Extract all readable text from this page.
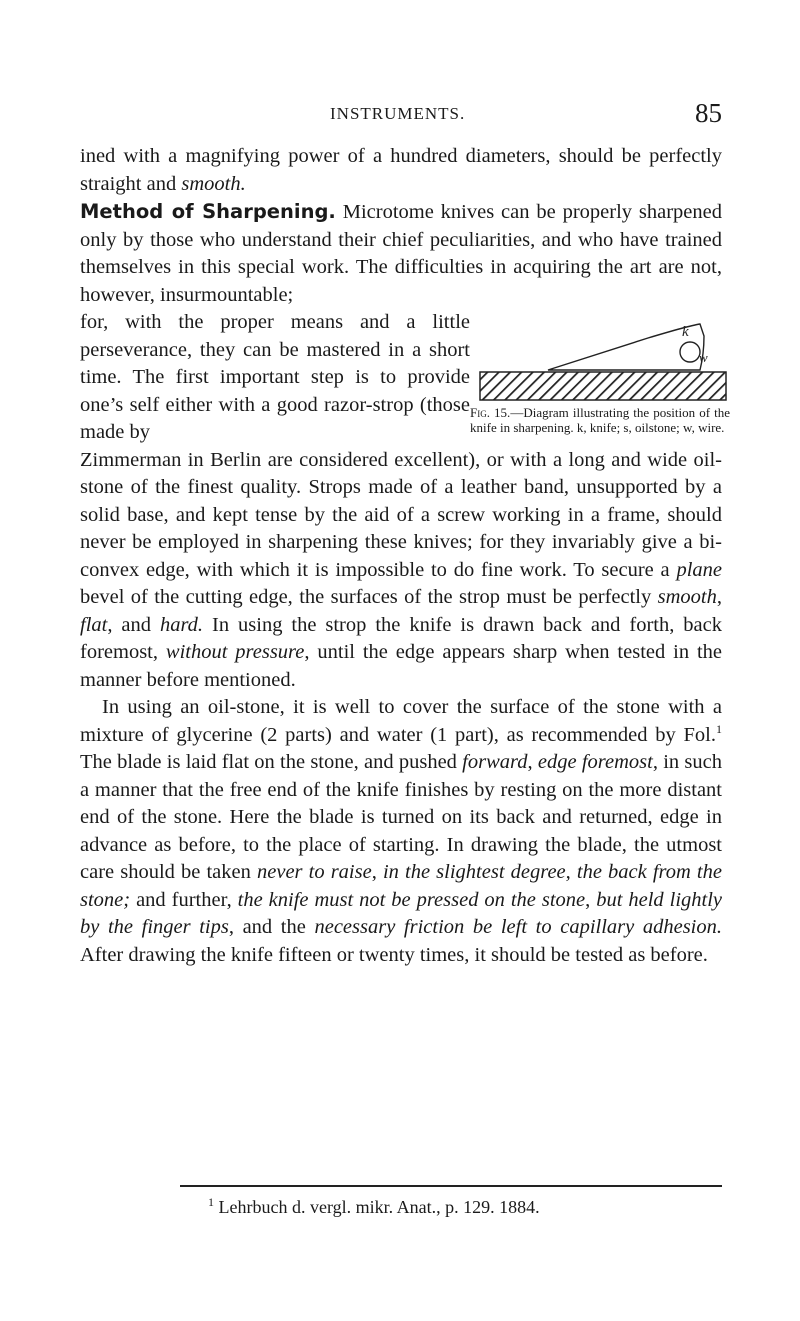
INSTRUMENTS.	85

ined with a magnifying power of a hundred diameters, should be perfectly straight and smooth.

Method of Sharpening. Microtome knives can be properly sharpened only by those who understand their chief peculiarities, and who have trained themselves in this special work. The difficulties in acquiring the art are not, however, insurmountable;

for, with the proper means and a little perseverance, they can be mastered in a short time. The first important step is to provide one’s self either with a good razor-strop (those made by

Zimmerman in Berlin are considered excellent), or with a long and wide oil-stone of the finest quality. Strops made of a leather band, unsupported by a solid base, and kept tense by the aid of a screw working in a frame, should never be employed in sharpening these knives; for they invariably give a bi-convex edge, with which it is impossible to do fine work. To secure a plane bevel of the cutting edge, the surfaces of the strop must be perfectly smooth, flat, and hard. In using the strop the knife is drawn back and forth, back foremost, without pressure, until the edge appears sharp when tested in the manner before mentioned.

In using an oil-stone, it is well to cover the surface of the stone with a mixture of glycerine (2 parts) and water (1 part), as recommended by Fol.$^1$ The blade is laid flat on the stone, and pushed forward, edge foremost, in such a manner that the free end of the knife finishes by resting on the more distant end of the stone. Here the blade is turned on its back and returned, edge in advance as before, to the place of starting. In drawing the blade, the utmost care should be taken never to raise, in the slightest degree, the back from the stone; and further, the knife must not be pressed on the stone, but held lightly by the finger tips, and the necessary friction be left to capillary adhesion. After drawing the knife fifteen or twenty times, it should be tested as before.

k
w
Fig. 15.—Diagram illustrating the position of the knife in sharpening. k, knife; s, oilstone; w, wire.
$^1$ Lehrbuch d. vergl. mikr. Anat., p. 129. 1884.
